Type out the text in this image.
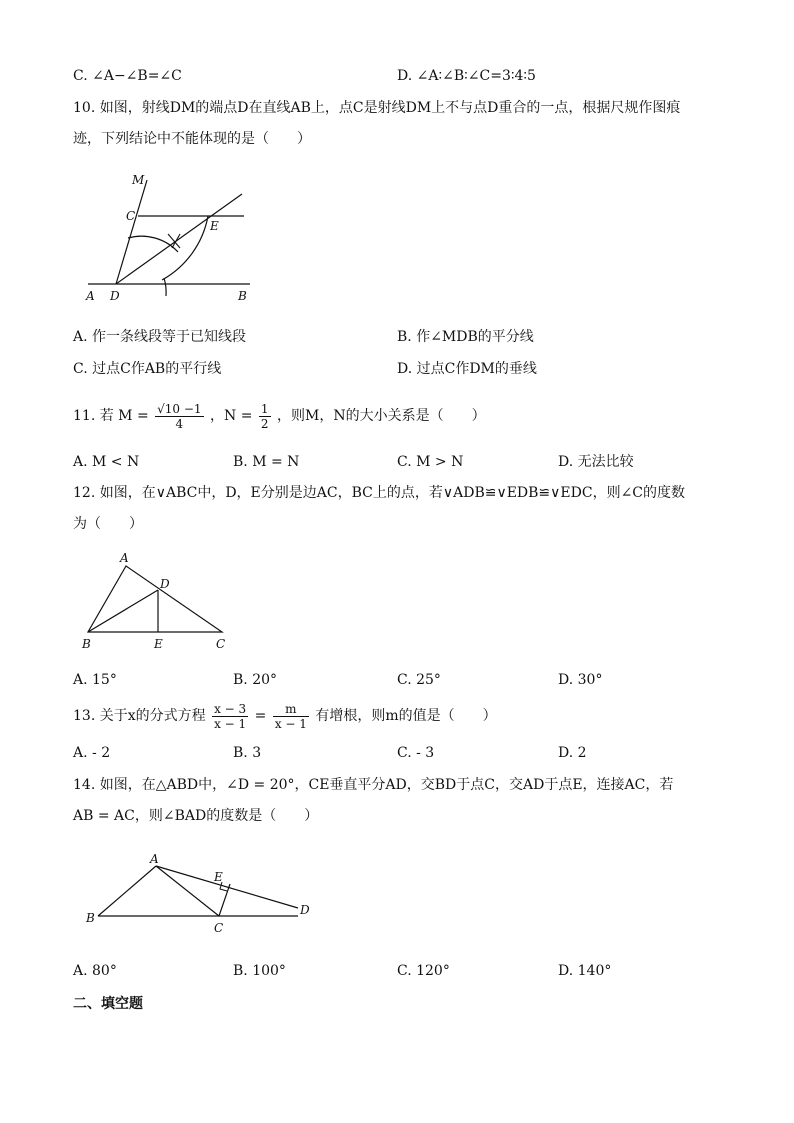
C. ∠A−∠B=∠C	D. ∠A∶∠B∶∠C=3∶4∶5
10. 如图，射线DM的端点D在直线AB上，点C是射线DM上不与点D重合的一点，根据尺规作图痕
迹，下列结论中不能体现的是（　　）
M
C
E
A D	B
A. 作一条线段等于已知线段	B. 作∠MDB的平分线
C. 过点C作AB的平行线	D. 过点C作DM的垂线
11. 若 $M = \frac{√10 -1}{4}$ ，$N = \frac{1}{2}$ ，则M，N的大小关系是（　　）
A. M < N	B. M = N	C. M > N	D. 无法比较
12. 如图，在∨ABC中，D，E分别是边AC，BC上的点，若∨ADB≌∨EDB≌∨EDC，则∠C的度数
为（　　）
A
D
B	E	C
A. 15°	B. 20°	C. 25°	D. 30°
13. 关于x的分式方程 $\frac{x - 3}{x - 1} = \frac{m}{x - 1}$ 有增根，则m的值是（　　）
A. - 2	B. 3	C. - 3	D. 2
14. 如图，在△ABD中，∠D = 20°，CE垂直平分AD，交BD于点C，交AD于点E，连接AC，若
AB = AC，则∠BAD的度数是（　　）
A
E
B
C
D
A. 80°	B. 100°	C. 120°	D. 140°
二、填空题
